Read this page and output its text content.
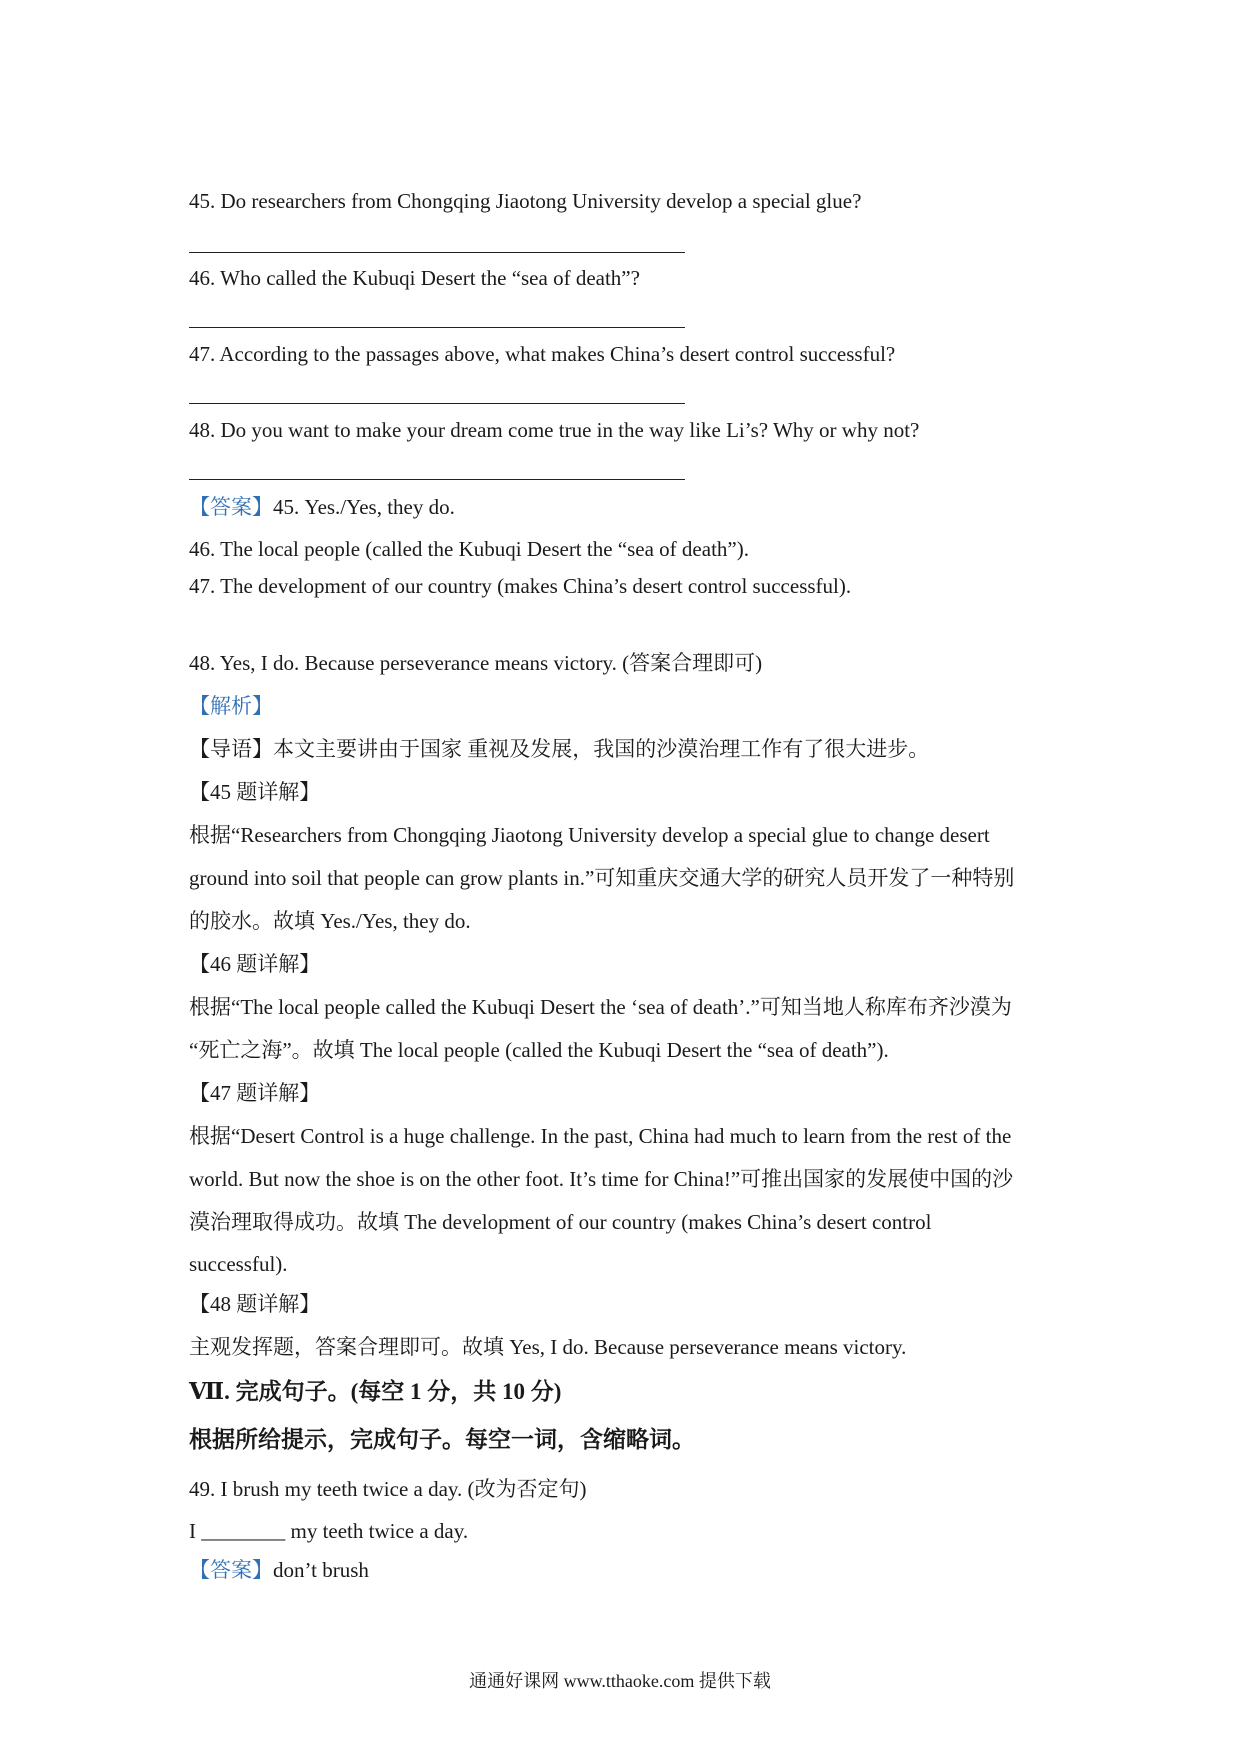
45. Do researchers from Chongqing Jiaotong University develop a special glue?
46. Who called the Kubuqi Desert the “sea of death”?
47. According to the passages above, what makes China’s desert control successful?
48. Do you want to make your dream come true in the way like Li’s? Why or why not?
【答案】45. Yes./Yes, they do.
46. The local people (called the Kubuqi Desert the “sea of death”).
47. The development of our country (makes China’s desert control successful).
48. Yes, I do. Because perseverance means victory. (答案合理即可)
【解析】
【导语】本文主要讲由于国家 重视及发展，我国的沙漠治理工作有了很大进步。
【45 题详解】
根据“Researchers from Chongqing Jiaotong University develop a special glue to change desert
ground into soil that people can grow plants in.”可知重庆交通大学的研究人员开发了一种特别
的胶水。故填 Yes./Yes, they do.
【46 题详解】
根据“The local people called the Kubuqi Desert the ‘sea of death’.”可知当地人称库布齐沙漠为
“死亡之海”。故填 The local people (called the Kubuqi Desert the “sea of death”).
【47 题详解】
根据“Desert Control is a huge challenge. In the past, China had much to learn from the rest of the
world. But now the shoe is on the other foot. It’s time for China!”可推出国家的发展使中国的沙
漠治理取得成功。故填 The development of our country (makes China’s desert control
successful).
【48 题详解】
主观发挥题，答案合理即可。故填 Yes, I do. Because perseverance means victory.
Ⅶ. 完成句子。(每空 1 分，共 10 分)
根据所给提示，完成句子。每空一词，含缩略词。
49. I brush my teeth twice a day. (改为否定句)
I ________ my teeth twice a day.
【答案】don’t brush
通通好课网 www.tthaoke.com 提供下载
